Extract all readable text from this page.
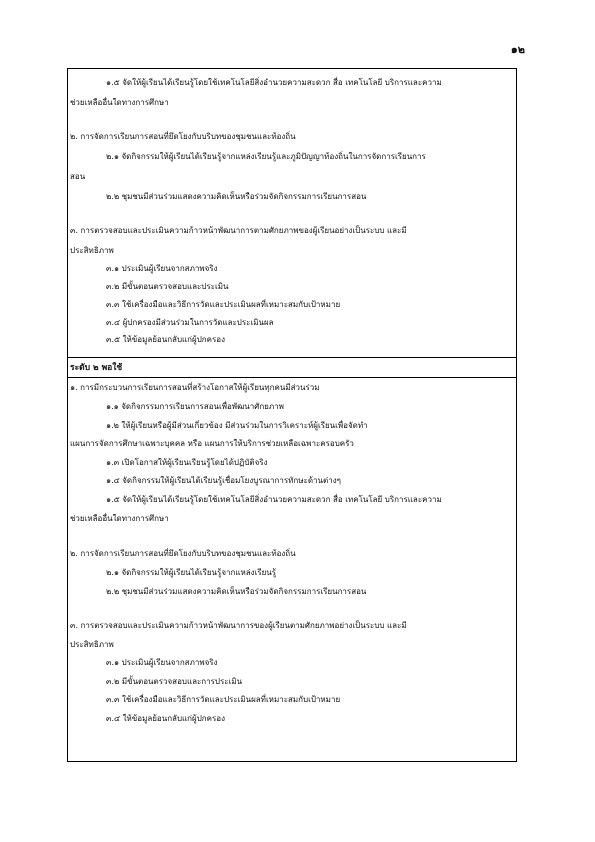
๑๒
๑.๕ จัดให้ผู้เรียนได้เรียนรู้โดยใช้เทคโนโลยีสิ่งอำนวยความสะดวก สื่อ เทคโนโลยี บริการและความ
ช่วยเหลืออื่นใดทางการศึกษา
๒. การจัดการเรียนการสอนที่ยึดโยงกับบริบทของชุมชนและท้องถิ่น
๒.๑ จัดกิจกรรมให้ผู้เรียนได้เรียนรู้จากแหล่งเรียนรู้และภูมิปัญญาท้องถิ่นในการจัดการเรียนการ
สอน
๒.๒ ชุมชนมีส่วนร่วมแสดงความคิดเห็นหรือร่วมจัดกิจกรรมการเรียนการสอน
๓. การตรวจสอบและประเมินความก้าวหน้าพัฒนาการตามศักยภาพของผู้เรียนอย่างเป็นระบบ และมี
ประสิทธิภาพ
๓.๑ ประเมินผู้เรียนจากสภาพจริง
๓.๒ มีขั้นตอนตรวจสอบและประเมิน
๓.๓ ใช้เครื่องมือและวิธีการวัดและประเมินผลที่เหมาะสมกับเป้าหมาย
๓.๔ ผู้ปกครองมีส่วนร่วมในการวัดและประเมินผล
๓.๕ ให้ข้อมูลย้อนกลับแก่ผู้ปกครอง
ระดับ ๒ พอใช้
๑. การมีกระบวนการเรียนการสอนที่สร้างโอกาสให้ผู้เรียนทุกคนมีส่วนร่วม
๑.๑ จัดกิจกรรมการเรียนการสอนเพื่อพัฒนาศักยภาพ
๑.๒ ให้ผู้เรียนหรือผู้มีส่วนเกี่ยวข้อง มีส่วนร่วมในการวิเคราะห์ผู้เรียนเพื่อจัดทำ
แผนการจัดการศึกษาเฉพาะบุคคล หรือ แผนการให้บริการช่วยเหลือเฉพาะครอบครัว
๑.๓ เปิดโอกาสให้ผู้เรียนเรียนรู้โดยได้ปฏิบัติจริง
๑.๔ จัดกิจกรรมให้ผู้เรียนได้เรียนรู้เชื่อมโยงบูรณาการทักษะด้านต่างๆ
๑.๕ จัดให้ผู้เรียนได้เรียนรู้โดยใช้เทคโนโลยีสิ่งอำนวยความสะดวก สื่อ เทคโนโลยี บริการและความ
ช่วยเหลืออื่นใดทางการศึกษา
๒. การจัดการเรียนการสอนที่ยึดโยงกับบริบทของชุมชนและท้องถิ่น
๒.๑ จัดกิจกรรมให้ผู้เรียนได้เรียนรู้จากแหล่งเรียนรู้
๒.๒ ชุมชนมีส่วนร่วมแสดงความคิดเห็นหรือร่วมจัดกิจกรรมการเรียนการสอน
๓. การตรวจสอบและประเมินความก้าวหน้าพัฒนาการของผู้เรียนตามศักยภาพอย่างเป็นระบบ และมี
ประสิทธิภาพ
๓.๑ ประเมินผู้เรียนจากสภาพจริง
๓.๒ มีขั้นตอนตรวจสอบและการประเมิน
๓.๓ ใช้เครื่องมือและวิธีการวัดและประเมินผลที่เหมาะสมกับเป้าหมาย
๓.๔ ให้ข้อมูลย้อนกลับแก่ผู้ปกครอง
